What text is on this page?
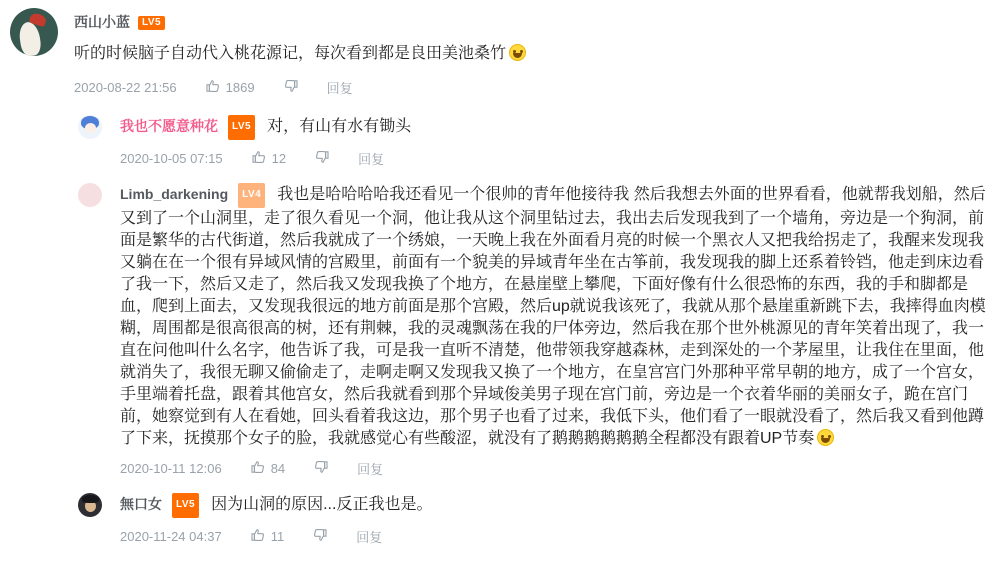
西山小蓝 LV5

听的时候脑子自动代入桃花源记，每次看到都是良田美池桑竹

2020-08-22 21:56	1869	回复

我也不愿意种花 LV5 对，有山有水有锄头

2020-10-05 07:15	12	回复

Limb_darkening LV4 我也是哈哈哈哈我还看见一个很帅的青年他接待我 然后我想去外面的世界看看，他就帮我划船，然后又到了一个山洞里，走了很久看见一个洞，他让我从这个洞里钻过去，我出去后发现我到了一个墙角，旁边是一个狗洞，前面是繁华的古代街道，然后我就成了一个绣娘，一天晚上我在外面看月亮的时候一个黑衣人又把我给拐走了，我醒来发现我又躺在在一个很有异域风情的宫殿里，前面有一个貌美的异域青年坐在古筝前，我发现我的脚上还系着铃铛，他走到床边看了我一下，然后又走了，然后我又发现我换了个地方，在悬崖壁上攀爬，下面好像有什么很恐怖的东西，我的手和脚都是血，爬到上面去，又发现我很远的地方前面是那个宫殿，然后up就说我该死了，我就从那个悬崖重新跳下去，我摔得血肉模糊，周围都是很高很高的树，还有荆棘，我的灵魂飘荡在我的尸体旁边，然后我在那个世外桃源见的青年笑着出现了，我一直在问他叫什么名字，他告诉了我，可是我一直听不清楚，他带领我穿越森林，走到深处的一个茅屋里，让我住在里面，他就消失了，我很无聊又偷偷走了，走啊走啊又发现我又换了一个地方，在皇宫宫门外那种平常早朝的地方，成了一个宫女，手里端着托盘，跟着其他宫女，然后我就看到那个异域俊美男子现在宫门前，旁边是一个衣着华丽的美丽女子，跪在宫门前，她察觉到有人在看她，回头看着我这边，那个男子也看了过来，我低下头，他们看了一眼就没看了，然后我又看到他蹲了下来，抚摸那个女子的脸，我就感觉心有些酸涩，就没有了鹅鹅鹅鹅鹅鹅全程都没有跟着UP节奏

2020-10-11 12:06	84	回复

無口女 LV5 因为山洞的原因...反正我也是。

2020-11-24 04:37	11	回复
